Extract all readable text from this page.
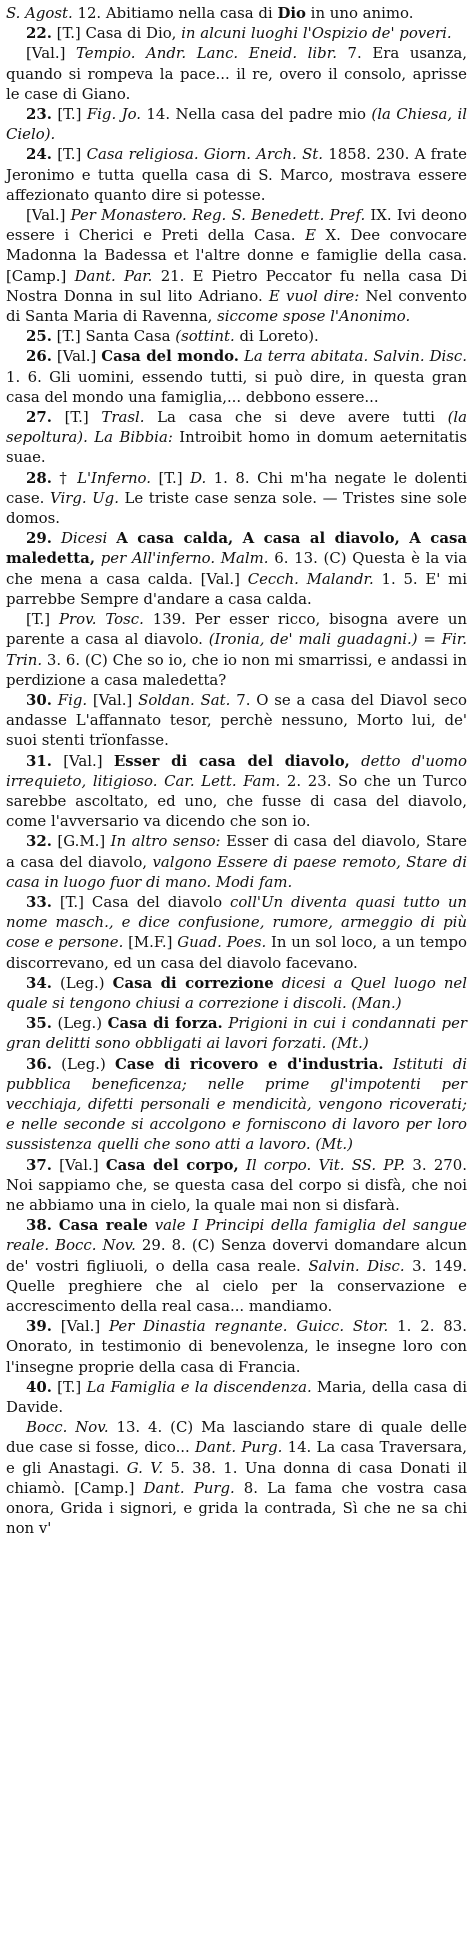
S. Agost. 12. Abitiamo nella casa di Dio in uno animo.

22. [T.] Casa di Dio, in alcuni luoghi l'Ospizio de' poveri.

[Val.] Tempio. Andr. Lanc. Eneid. libr. 7. Era usanza, quando si rompeva la pace... il re, overo il consolo, aprisse le case di Giano.

23. [T.] Fig. Jo. 14. Nella casa del padre mio (la Chiesa, il Cielo).

24. [T.] Casa religiosa. Giorn. Arch. St. 1858. 230. A frate Jeronimo e tutta quella casa di S. Marco, mostrava essere affezionato quanto dire si potesse.

[Val.] Per Monastero. Reg. S. Benedett. Pref. IX. Ivi deono essere i Cherici e Preti della Casa. E X. Dee convocare Madonna la Badessa et l'altre donne e famiglie della casa. [Camp.] Dant. Par. 21. E Pietro Peccator fu nella casa Di Nostra Donna in sul lito Adriano. E vuol dire: Nel convento di Santa Maria di Ravenna, siccome spose l'Anonimo.

25. [T.] Santa Casa (sottint. di Loreto).

26. [Val.] Casa del mondo. La terra abitata. Salvin. Disc. 1. 6. Gli uomini, essendo tutti, si può dire, in questa gran casa del mondo una famiglia,... debbono essere...

27. [T.] Trasl. La casa che si deve avere tutti (la sepoltura). La Bibbia: Introibit homo in domum aeternitatis suae.

28. † L'Inferno. [T.] D. 1. 8. Chi m'ha negate le dolenti case. Virg. Ug. Le triste case senza sole. — Tristes sine sole domos.

29. Dicesi A casa calda, A casa al diavolo, A casa maledetta, per All'inferno. Malm. 6. 13. (C) Questa è la via che mena a casa calda. [Val.] Cecch. Malandr. 1. 5. E' mi parrebbe Sempre d'andare a casa calda.

[T.] Prov. Tosc. 139. Per esser ricco, bisogna avere un parente a casa al diavolo. (Ironia, de' mali guadagni.) = Fir. Trin. 3. 6. (C) Che so io, che io non mi smarrissi, e andassi in perdizione a casa maledetta?

30. Fig. [Val.] Soldan. Sat. 7. O se a casa del Diavol seco andasse L'affannato tesor, perchè nessuno, Morto lui, de' suoi stenti trïonfasse.

31. [Val.] Esser di casa del diavolo, detto d'uomo irrequieto, litigioso. Car. Lett. Fam. 2. 23. So che un Turco sarebbe ascoltato, ed uno, che fusse di casa del diavolo, come l'avversario va dicendo che son io.

32. [G.M.] In altro senso: Esser di casa del diavolo, Stare a casa del diavolo, valgono Essere di paese remoto, Stare di casa in luogo fuor di mano. Modi fam.

33. [T.] Casa del diavolo coll'Un diventa quasi tutto un nome masch., e dice confusione, rumore, armeggio di più cose e persone. [M.F.] Guad. Poes. In un sol loco, a un tempo discorrevano, ed un casa del diavolo facevano.

34. (Leg.) Casa di correzione dicesi a Quel luogo nel quale si tengono chiusi a correzione i discoli. (Man.)

35. (Leg.) Casa di forza. Prigioni in cui i condannati per gran delitti sono obbligati ai lavori forzati. (Mt.)

36. (Leg.) Case di ricovero e d'industria. Istituti di pubblica beneficenza; nelle prime gl'impotenti per vecchiaja, difetti personali e mendicità, vengono ricoverati; e nelle seconde si accolgono e forniscono di lavoro per loro sussistenza quelli che sono atti a lavoro. (Mt.)

37. [Val.] Casa del corpo, Il corpo. Vit. SS. PP. 3. 270. Noi sappiamo che, se questa casa del corpo si disfà, che noi ne abbiamo una in cielo, la quale mai non si disfarà.

38. Casa reale vale I Principi della famiglia del sangue reale. Bocc. Nov. 29. 8. (C) Senza dovervi domandare alcun de' vostri figliuoli, o della casa reale. Salvin. Disc. 3. 149. Quelle preghiere che al cielo per la conservazione e accrescimento della real casa... mandiamo.

39. [Val.] Per Dinastia regnante. Guicc. Stor. 1. 2. 83. Onorato, in testimonio di benevolenza, le insegne loro con l'insegne proprie della casa di Francia.

40. [T.] La Famiglia e la discendenza. Maria, della casa di Davide.

Bocc. Nov. 13. 4. (C) Ma lasciando stare di quale delle due case si fosse, dico... Dant. Purg. 14. La casa Traversara, e gli Anastagi. G. V. 5. 38. 1. Una donna di casa Donati il chiamò. [Camp.] Dant. Purg. 8. La fama che vostra casa onora, Grida i signori, e grida la contrada, Sì che ne sa chi non v'
